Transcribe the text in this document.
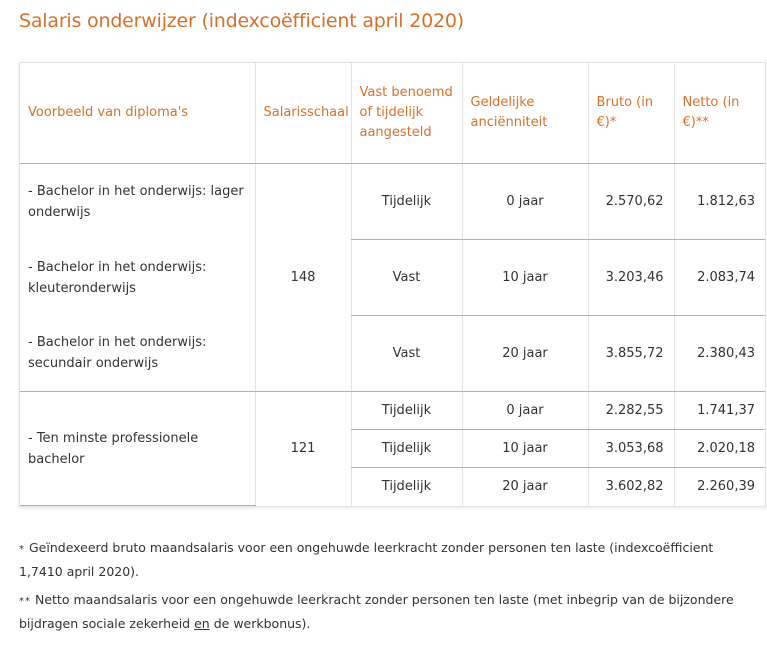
Salaris onderwijzer (indexcoëfficient april 2020)
Voorbeeld van diploma's	Salarisschaal	Vast benoemd of tijdelijk aangesteld	Geldelijke anciënniteit	Bruto (in €)*	Netto (in €)**
- Bachelor in het onderwijs: lager onderwijs	148	Tijdelijk	0 jaar	2.570,62	1.812,63
- Bachelor in het onderwijs: kleuteronderwijs		Vast	10 jaar	3.203,46	2.083,74
- Bachelor in het onderwijs: secundair onderwijs		Vast	20 jaar	3.855,72	2.380,43
- Ten minste professionele bachelor	121	Tijdelijk	0 jaar	2.282,55	1.741,37
		Tijdelijk	10 jaar	3.053,68	2.020,18
		Tijdelijk	20 jaar	3.602,82	2.260,39

* Geïndexeerd bruto maandsalaris voor een ongehuwde leerkracht zonder personen ten laste (indexcoëfficient 1,7410 april 2020).

** Netto maandsalaris voor een ongehuwde leerkracht zonder personen ten laste (met inbegrip van de bijzondere bijdragen sociale zekerheid en de werkbonus).
